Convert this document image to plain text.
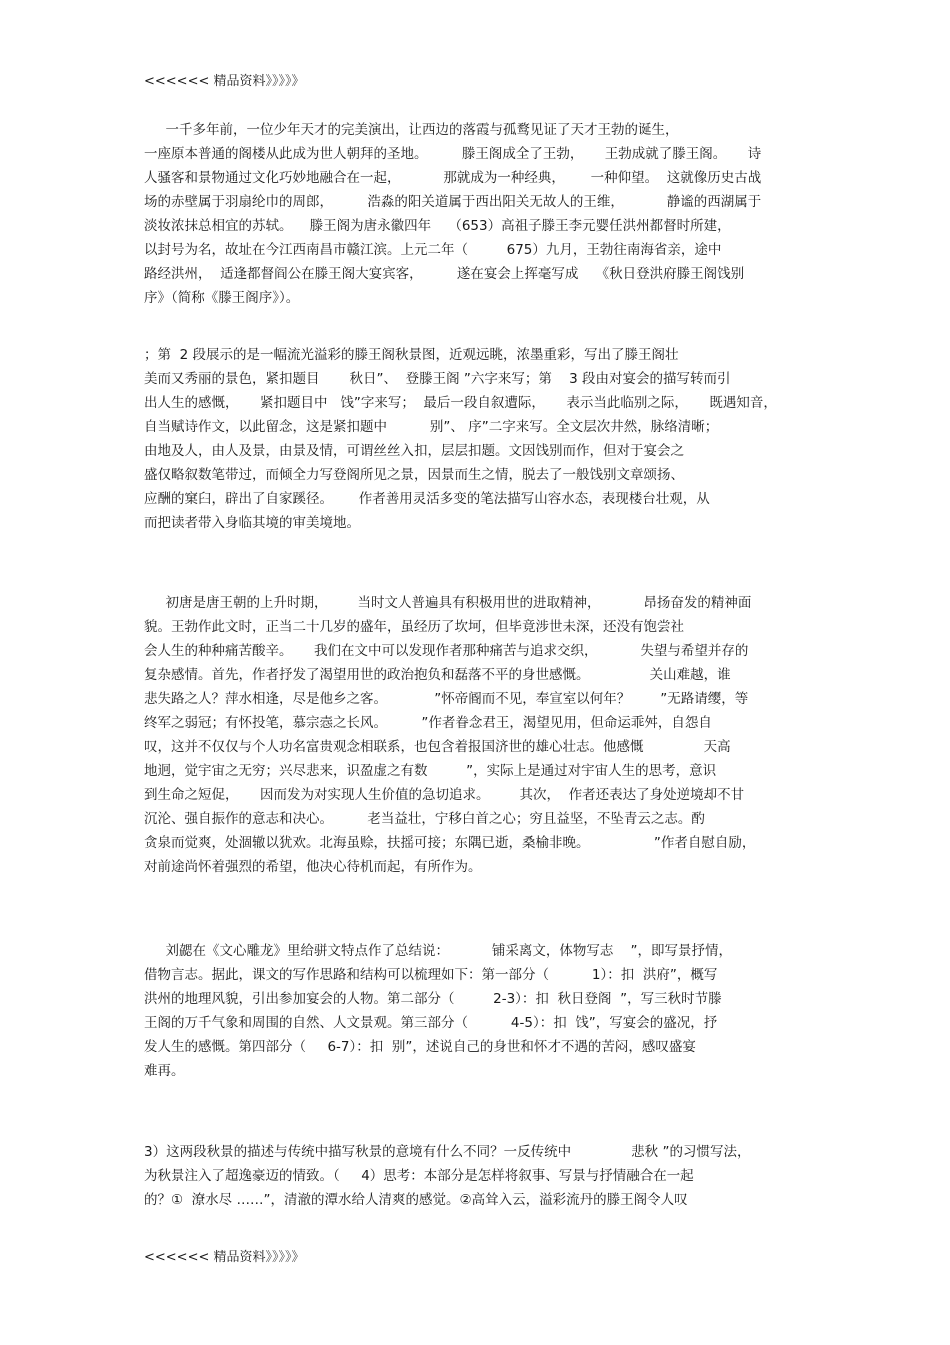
<<<<<< 精品资料》》》》》
一千多年前，一位少年天才的完美演出，让西边的落霞与孤鹜见证了天才王勃的诞生，
一座原本普通的阁楼从此成为世人朝拜的圣地。        滕王阁成全了王勃，     王勃成就了滕王阁。     诗
人骚客和景物通过文化巧妙地融合在一起，          那就成为一种经典，      一种仰望。  这就像历史古战
场的赤壁属于羽扇纶巾的周郎，        浩淼的阳关道属于西出阳关无故人的王维，          静谧的西湖属于
淡妆浓抹总相宜的苏轼。    滕王阁为唐永徽四年    （653）高祖子滕王李元婴任洪州都督时所建，
以封号为名，故址在今江西南昌市赣江滨。上元二年（         675）九月，王勃往南海省亲，途中
路经洪州，  适逢都督阎公在滕王阁大宴宾客，        遂在宴会上挥毫写成    《秋日登洪府滕王阁饯别
序》（简称《滕王阁序》）。
；第  2 段展示的是一幅流光溢彩的滕王阁秋景图，近观远眺，浓墨重彩，写出了滕王阁壮
美而又秀丽的景色，紧扣题目       秋日”、  登滕王阁 ”六字来写；第    3 段由对宴会的描写转而引
出人生的感慨，     紧扣题目中   饯”字来写；  最后一段自叙遭际，     表示当此临别之际，     既遇知音，
自当赋诗作文，以此留念，这是紧扣题中          别”、 序”二字来写。全文层次井然，脉络清晰；
由地及人，由人及景，由景及情，可谓丝丝入扣，层层扣题。文因饯别而作，但对于宴会之
盛仅略叙数笔带过，而倾全力写登阁所见之景，因景而生之情，脱去了一般饯别文章颂扬、
应酬的窠臼，辟出了自家蹊径。      作者善用灵活多变的笔法描写山容水态，表现楼台壮观，从
而把读者带入身临其境的审美境地。
初唐是唐王朝的上升时期，       当时文人普遍具有积极用世的进取精神，          昂扬奋发的精神面
貌。王勃作此文时，正当二十几岁的盛年，虽经历了坎坷，但毕竟涉世未深，还没有饱尝社
会人生的种种痛苦酸辛。     我们在文中可以发现作者那种痛苦与追求交织，          失望与希望并存的
复杂感情。首先，作者抒发了渴望用世的政治抱负和磊落不平的身世感慨。              关山难越，谁
悲失路之人？萍水相逢，尽是他乡之客。           ”怀帝阍而不见，奉宣室以何年？       ”无路请缨，等
终军之弱冠；有怀投笔，慕宗悫之长风。        ”作者眷念君王，渴望见用，但命运乖舛，自怨自
叹，这并不仅仅与个人功名富贵观念相联系，也包含着报国济世的雄心壮志。他感慨              天高
地迥，觉宇宙之无穷；兴尽悲来，识盈虚之有数         ”，实际上是通过对宇宙人生的思考，意识
到生命之短促，     因而发为对实现人生价值的急切追求。       其次，  作者还表达了身处逆境却不甘
沉沦、强自振作的意志和决心。        老当益壮，宁移白首之心；穷且益坚，不坠青云之志。酌
贪泉而觉爽，处涸辙以犹欢。北海虽赊，扶摇可接；东隅已逝，桑榆非晚。               ”作者自慰自励，
对前途尚怀着强烈的希望，他决心待机而起，有所作为。
刘勰在《文心雕龙》里给骈文特点作了总结说：          铺采离文，体物写志    ”，即写景抒情，
借物言志。据此，课文的写作思路和结构可以梳理如下：第一部分（          1）：扣  洪府”，概写
洪州的地理风貌，引出参加宴会的人物。第二部分（         2-3）：扣  秋日登阁  ”，写三秋时节滕
王阁的万千气象和周围的自然、人文景观。第三部分（          4-5）：扣  饯”，写宴会的盛况，抒
发人生的感慨。第四部分（     6-7）：扣  别”，述说自己的身世和怀才不遇的苦闷，感叹盛宴
难再。
3）这两段秋景的描述与传统中描写秋景的意境有什么不同？一反传统中              悲秋 ”的习惯写法，
为秋景注入了超逸豪迈的情致。（     4）思考：本部分是怎样将叙事、写景与抒情融合在一起
的？①  潦水尽 ……”，清澈的潭水给人清爽的感觉。②高耸入云，溢彩流丹的滕王阁令人叹
<<<<<< 精品资料》》》》》
